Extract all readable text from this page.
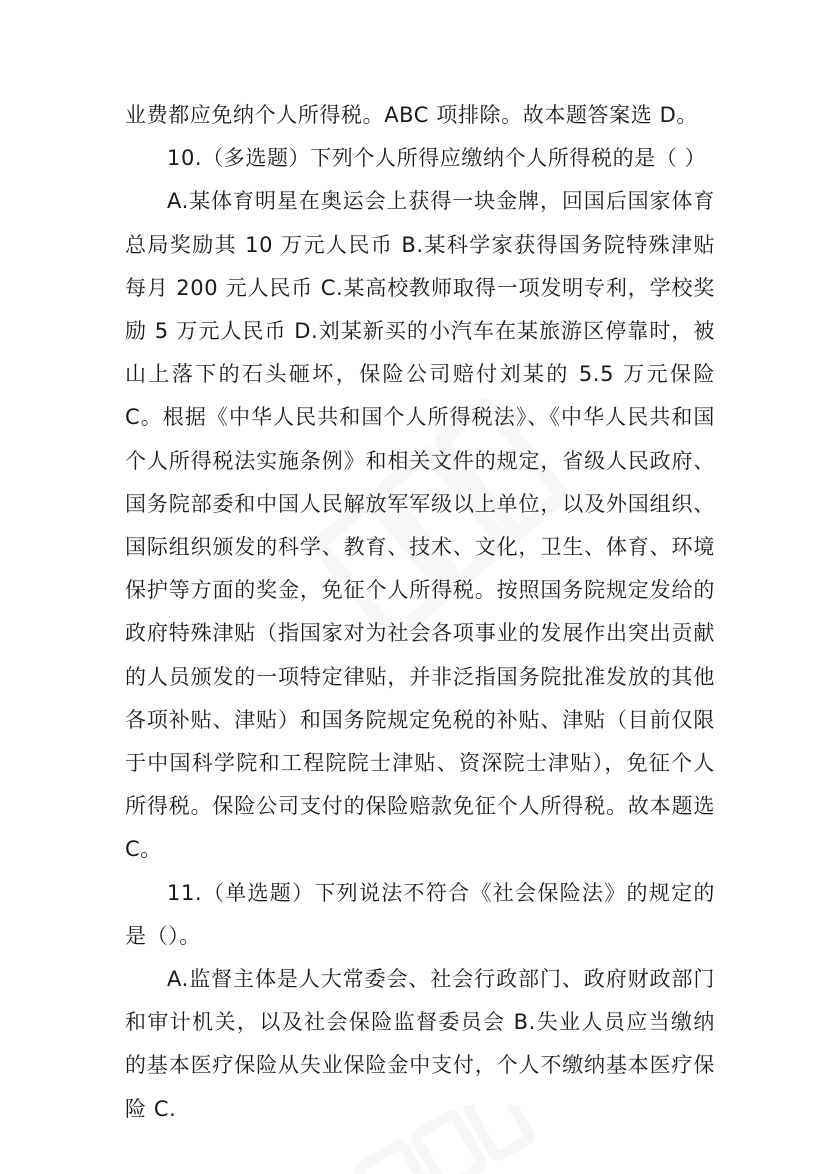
业费都应免纳个人所得税。ABC 项排除。故本题答案选 D。

10.（多选题）下列个人所得应缴纳个人所得税的是（ ）

A.某体育明星在奥运会上获得一块金牌，回国后国家体育总局奖励其 10 万元人民币 B.某科学家获得国务院特殊津贴每月 200 元人民币 C.某高校教师取得一项发明专利，学校奖励 5 万元人民币 D.刘某新买的小汽车在某旅游区停靠时，被山上落下的石头砸坏，保险公司赔付刘某的 5.5 万元保险 C。根据《中华人民共和国个人所得税法》、《中华人民共和国个人所得税法实施条例》和相关文件的规定，省级人民政府、国务院部委和中国人民解放军军级以上单位，以及外国组织、国际组织颁发的科学、教育、技术、文化，卫生、体育、环境保护等方面的奖金，免征个人所得税。按照国务院规定发给的政府特殊津贴（指国家对为社会各项事业的发展作出突出贡献的人员颁发的一项特定律贴，并非泛指国务院批准发放的其他各项补贴、津贴）和国务院规定免税的补贴、津贴（目前仅限于中国科学院和工程院院士津贴、资深院士津贴），免征个人所得税。保险公司支付的保险赔款免征个人所得税。故本题选 C。

11.（单选题）下列说法不符合《社会保险法》的规定的是（）。

A.监督主体是人大常委会、社会行政部门、政府财政部门和审计机关，以及社会保险监督委员会 B.失业人员应当缴纳的基本医疗保险从失业保险金中支付，个人不缴纳基本医疗保险 C.
